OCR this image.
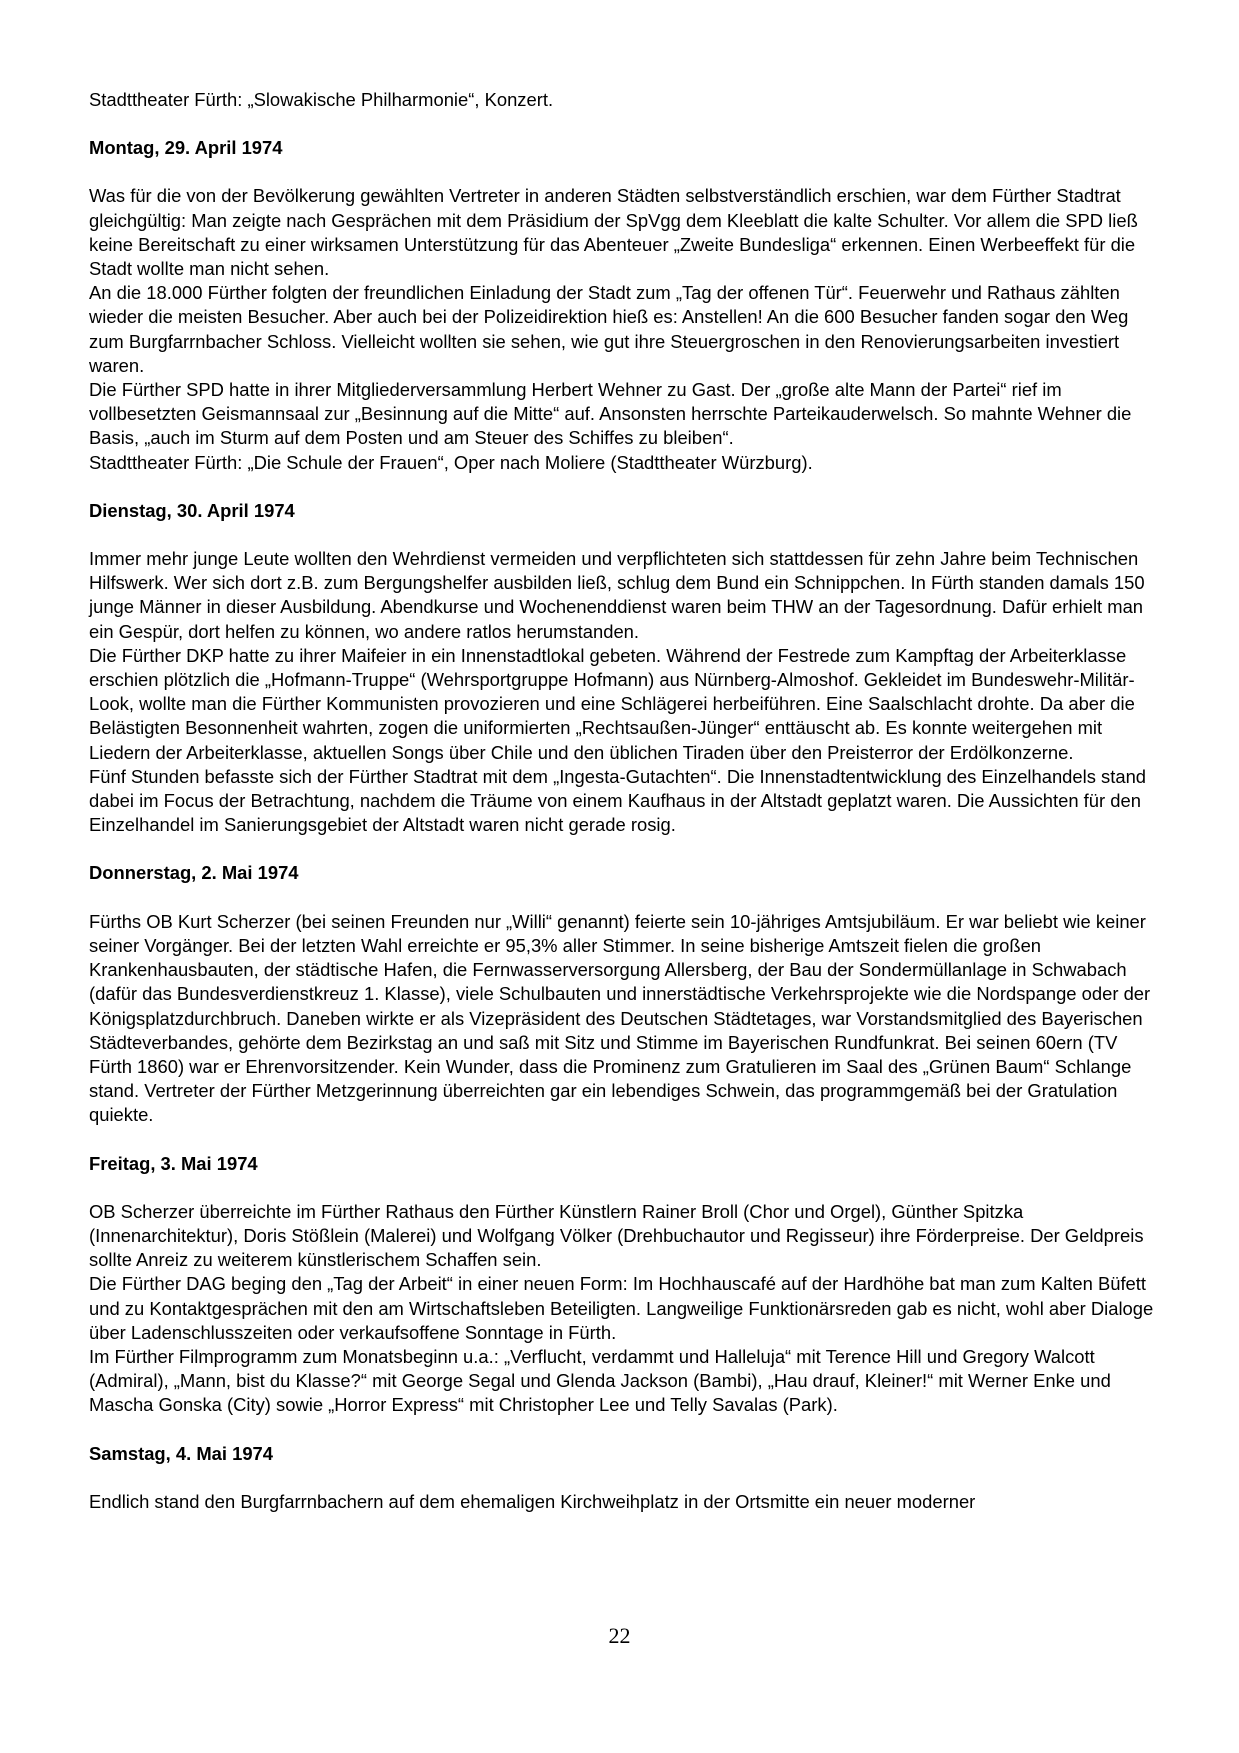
Stadttheater Fürth: „Slowakische Philharmonie“, Konzert.

Montag, 29. April 1974

Was für die von der Bevölkerung gewählten Vertreter in anderen Städten selbstverständlich erschien, war dem Fürther Stadtrat gleichgültig: Man zeigte nach Gesprächen mit dem Präsidium der SpVgg dem Kleeblatt die kalte Schulter. Vor allem die SPD ließ keine Bereitschaft zu einer wirksamen Unterstützung für das Abenteuer „Zweite Bundesliga“ erkennen. Einen Werbeeffekt für die Stadt wollte man nicht sehen.

An die 18.000 Fürther folgten der freundlichen Einladung der Stadt zum „Tag der offenen Tür“. Feuerwehr und Rathaus zählten wieder die meisten Besucher. Aber auch bei der Polizeidirektion hieß es: Anstellen! An die 600 Besucher fanden sogar den Weg zum Burgfarrnbacher Schloss. Vielleicht wollten sie sehen, wie gut ihre Steuergroschen in den Renovierungsarbeiten investiert waren.

Die Fürther SPD hatte in ihrer Mitgliederversammlung Herbert Wehner zu Gast. Der „große alte Mann der Partei“ rief im vollbesetzten Geismannsaal zur „Besinnung auf die Mitte“ auf. Ansonsten herrschte Parteikauderwelsch. So mahnte Wehner die Basis, „auch im Sturm auf dem Posten und am Steuer des Schiffes zu bleiben“.

Stadttheater Fürth: „Die Schule der Frauen“, Oper nach Moliere (Stadttheater Würzburg).

Dienstag, 30. April 1974

Immer mehr junge Leute wollten den Wehrdienst vermeiden und verpflichteten sich stattdessen für zehn Jahre beim Technischen Hilfswerk. Wer sich dort z.B. zum Bergungshelfer ausbilden ließ, schlug dem Bund ein Schnippchen. In Fürth standen damals 150 junge Männer in dieser Ausbildung. Abendkurse und Wochenenddienst waren beim THW an der Tagesordnung. Dafür erhielt man ein Gespür, dort helfen zu können, wo andere ratlos herumstanden.

Die Fürther DKP hatte zu ihrer Maifeier in ein Innenstadtlokal gebeten. Während der Festrede zum Kampftag der Arbeiterklasse erschien plötzlich die „Hofmann-Truppe“ (Wehrsportgruppe Hofmann) aus Nürnberg-Almoshof. Gekleidet im Bundeswehr-Militär-Look, wollte man die Fürther Kommunisten provozieren und eine Schlägerei herbeiführen. Eine Saalschlacht drohte. Da aber die Belästigten Besonnenheit wahrten, zogen die uniformierten „Rechtsaußen-Jünger“ enttäuscht ab. Es konnte weitergehen mit Liedern der Arbeiterklasse, aktuellen Songs über Chile und den üblichen Tiraden über den Preisterror der Erdölkonzerne.

Fünf Stunden befasste sich der Fürther Stadtrat mit dem „Ingesta-Gutachten“. Die Innenstadtentwicklung des Einzelhandels stand dabei im Focus der Betrachtung, nachdem die Träume von einem Kaufhaus in der Altstadt geplatzt waren. Die Aussichten für den Einzelhandel im Sanierungsgebiet der Altstadt waren nicht gerade rosig.

Donnerstag, 2. Mai 1974

Fürths OB Kurt Scherzer (bei seinen Freunden nur „Willi“ genannt) feierte sein 10-jähriges Amtsjubiläum. Er war beliebt wie keiner seiner Vorgänger. Bei der letzten Wahl erreichte er 95,3% aller Stimmer. In seine bisherige Amtszeit fielen die großen Krankenhausbauten, der städtische Hafen, die Fernwasserversorgung Allersberg, der Bau der Sondermüllanlage in Schwabach (dafür das Bundesverdienstkreuz 1. Klasse), viele Schulbauten und innerstädtische Verkehrsprojekte wie die Nordspange oder der Königsplatzdurchbruch. Daneben wirkte er als Vizepräsident des Deutschen Städtetages, war Vorstandsmitglied des Bayerischen Städteverbandes, gehörte dem Bezirkstag an und saß mit Sitz und Stimme im Bayerischen Rundfunkrat. Bei seinen 60ern (TV Fürth 1860) war er Ehrenvorsitzender. Kein Wunder, dass die Prominenz zum Gratulieren im Saal des „Grünen Baum“ Schlange stand. Vertreter der Fürther Metzgerinnung überreichten gar ein lebendiges Schwein, das programmgemäß bei der Gratulation quiekte.

Freitag, 3. Mai 1974

OB Scherzer überreichte im Fürther Rathaus den Fürther Künstlern Rainer Broll (Chor und Orgel), Günther Spitzka (Innenarchitektur), Doris Stößlein (Malerei) und Wolfgang Völker (Drehbuchautor und Regisseur) ihre Förderpreise. Der Geldpreis sollte Anreiz zu weiterem künstlerischem Schaffen sein.

Die Fürther DAG beging den „Tag der Arbeit“ in einer neuen Form: Im Hochhauscafé auf der Hardhöhe bat man zum Kalten Büfett und zu Kontaktgesprächen mit den am Wirtschaftsleben Beteiligten. Langweilige Funktionärsreden gab es nicht, wohl aber Dialoge über Ladenschlusszeiten oder verkaufsoffene Sonntage in Fürth.

Im Fürther Filmprogramm zum Monatsbeginn u.a.: „Verflucht, verdammt und Halleluja“ mit Terence Hill und Gregory Walcott (Admiral), „Mann, bist du Klasse?“ mit George Segal und Glenda Jackson (Bambi), „Hau drauf, Kleiner!“ mit Werner Enke und Mascha Gonska (City) sowie „Horror Express“ mit Christopher Lee und Telly Savalas (Park).

Samstag, 4. Mai 1974

Endlich stand den Burgfarrnbachern auf dem ehemaligen Kirchweihplatz in der Ortsmitte ein neuer moderner

22
